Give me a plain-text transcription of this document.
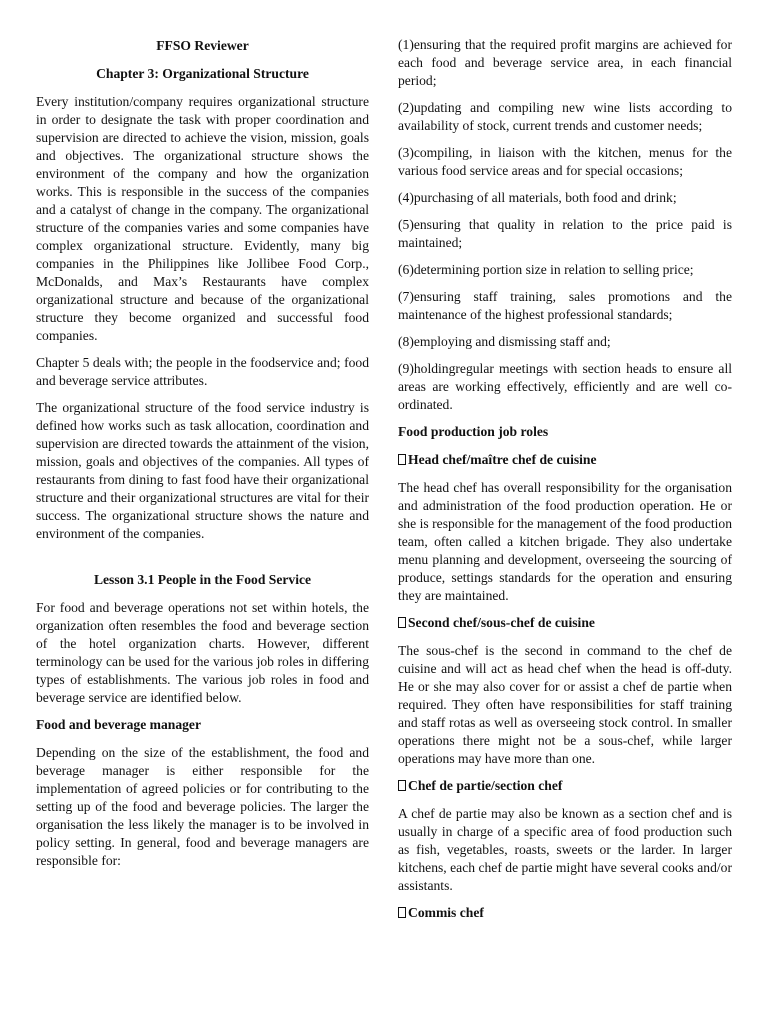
FFSO Reviewer

Chapter 3: Organizational Structure

Every institution/company requires organizational structure in order to designate the task with proper coordination and supervision are directed to achieve the vision, mission, goals and objectives. The organizational structure shows the environment of the company and how the organization works. This is responsible in the success of the companies and a catalyst of change in the company. The organizational structure of the companies varies and some companies have complex organizational structure. Evidently, many big companies in the Philippines like Jollibee Food Corp., McDonalds, and Max’s Restaurants have complex organizational structure and because of the organizational structure they become organized and successful food companies.

Chapter 5 deals with; the people in the foodservice and; food and beverage service attributes.

The organizational structure of the food service industry is defined how works such as task allocation, coordination and supervision are directed towards the attainment of the vision, mission, goals and objectives of the companies. All types of restaurants from dining to fast food have their organizational structure and their organizational structures are vital for their success. The organizational structure shows the nature and environment of the companies.

Lesson 3.1 People in the Food Service

For food and beverage operations not set within hotels, the organization often resembles the food and beverage section of the hotel organization charts. However, different terminology can be used for the various job roles in differing types of establishments. The various job roles in food and beverage service are identified below.

Food and beverage manager

Depending on the size of the establishment, the food and beverage manager is either responsible for the implementation of agreed policies or for contributing to the setting up of the food and beverage policies. The larger the organisation the less likely the manager is to be involved in policy setting. In general, food and beverage managers are responsible for:

(1)ensuring that the required profit margins are achieved for each food and beverage service area, in each financial period;

(2)updating and compiling new wine lists according to availability of stock, current trends and customer needs;

(3)compiling, in liaison with the kitchen, menus for the various food service areas and for special occasions;

(4)purchasing of all materials, both food and drink;

(5)ensuring that quality in relation to the price paid is maintained;

(6)determining portion size in relation to selling price;

(7)ensuring staff training, sales promotions and the maintenance of the highest professional standards;

(8)employing and dismissing staff and;

(9)holdingregular meetings with section heads to ensure all areas are working effectively, efficiently and are well co-ordinated.

Food production job roles

Head chef/maître chef de cuisine

The head chef has overall responsibility for the organisation and administration of the food production operation. He or she is responsible for the management of the food production team, often called a kitchen brigade. They also undertake menu planning and development, overseeing the sourcing of produce, settings standards for the operation and ensuring they are maintained.

Second chef/sous-chef de cuisine

The sous-chef is the second in command to the chef de cuisine and will act as head chef when the head is off-duty. He or she may also cover for or assist a chef de partie when required. They often have responsibilities for staff training and staff rotas as well as overseeing stock control. In smaller operations there might not be a sous-chef, while larger operations may have more than one.

Chef de partie/section chef

A chef de partie may also be known as a section chef and is usually in charge of a specific area of food production such as fish, vegetables, roasts, sweets or the larder. In larger kitchens, each chef de partie might have several cooks and/or assistants.

Commis chef
